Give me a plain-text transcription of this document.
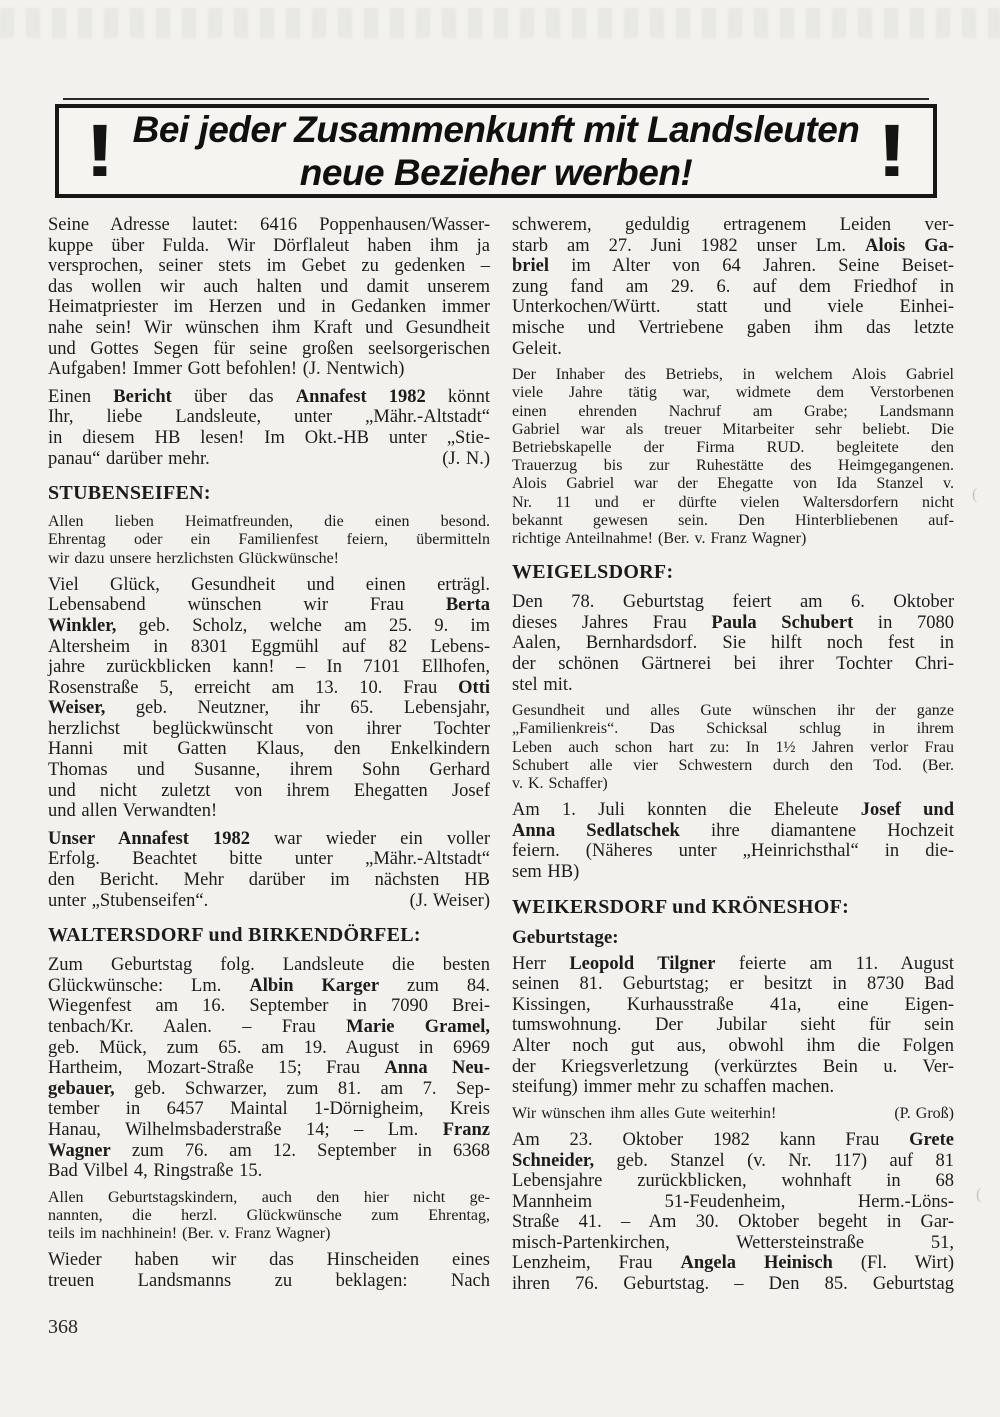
! Bei jeder Zusammenkunft mit Landsleuten
neue Bezieher werben!	!
Seine Adresse lautet: 6416 Poppenhausen/Wasser-
kuppe über Fulda. Wir Dörflaleut haben ihm ja
versprochen, seiner stets im Gebet zu gedenken –
das wollen wir auch halten und damit unserem
Heimatpriester im Herzen und in Gedanken immer
nahe sein! Wir wünschen ihm Kraft und Gesundheit
und Gottes Segen für seine großen seelsorgerischen
Aufgaben! Immer Gott befohlen! (J. Nentwich)
Einen Bericht über das Annafest 1982 könnt
Ihr, liebe Landsleute, unter „Mähr.-Altstadt“
in diesem HB lesen! Im Okt.-HB unter „Stie-
(J. N.)
panau“ darüber mehr.
STUBENSEIFEN:
Allen lieben Heimatfreunden, die einen besond.
Ehrentag oder ein Familienfest feiern, übermitteln
wir dazu unsere herzlichsten Glückwünsche!
Viel Glück, Gesundheit und einen erträgl.
Lebensabend wünschen wir Frau Berta
Winkler, geb. Scholz, welche am 25. 9. im
Altersheim in 8301 Eggmühl auf 82 Lebens-
jahre zurückblicken kann! – In 7101 Ellhofen,
Rosenstraße 5, erreicht am 13. 10. Frau Otti
Weiser, geb. Neutzner, ihr 65. Lebensjahr,
herzlichst beglückwünscht von ihrer Tochter
Hanni mit Gatten Klaus, den Enkelkindern
Thomas und Susanne, ihrem Sohn Gerhard
und nicht zuletzt von ihrem Ehegatten Josef
und allen Verwandten!
Unser Annafest 1982 war wieder ein voller
Erfolg. Beachtet bitte unter „Mähr.-Altstadt“
den Bericht. Mehr darüber im nächsten HB
(J. Weiser)
unter „Stubenseifen“.
WALTERSDORF und BIRKENDÖRFEL:
Zum Geburtstag folg. Landsleute die besten
Glückwünsche: Lm. Albin Karger zum 84.
Wiegenfest am 16. September in 7090 Brei-
tenbach/Kr. Aalen. – Frau Marie Gramel,
geb. Mück, zum 65. am 19. August in 6969
Hartheim, Mozart-Straße 15; Frau Anna Neu-
gebauer, geb. Schwarzer, zum 81. am 7. Sep-
tember in 6457 Maintal 1-Dörnigheim, Kreis
Hanau, Wilhelmsbaderstraße 14; – Lm. Franz
Wagner zum 76. am 12. September in 6368
Bad Vilbel 4, Ringstraße 15.
Allen Geburtstagskindern, auch den hier nicht ge-
nannten, die herzl. Glückwünsche zum Ehrentag,
teils im nachhinein! (Ber. v. Franz Wagner)
Wieder haben wir das Hinscheiden eines
treuen Landsmanns zu beklagen: Nach
schwerem, geduldig ertragenem Leiden ver-
starb am 27. Juni 1982 unser Lm. Alois Ga-
briel im Alter von 64 Jahren. Seine Beiset-
zung fand am 29. 6. auf dem Friedhof in
Unterkochen/Württ. statt und viele Einhei-
mische und Vertriebene gaben ihm das letzte
Geleit.
Der Inhaber des Betriebs, in welchem Alois Gabriel
viele Jahre tätig war, widmete dem Verstorbenen
einen ehrenden Nachruf am Grabe; Landsmann
Gabriel war als treuer Mitarbeiter sehr beliebt. Die
Betriebskapelle der Firma RUD. begleitete den
Trauerzug bis zur Ruhestätte des Heimgegangenen.
Alois Gabriel war der Ehegatte von Ida Stanzel v.
Nr. 11 und er dürfte vielen Waltersdorfern nicht
bekannt gewesen sein. Den Hinterbliebenen auf-
richtige Anteilnahme! (Ber. v. Franz Wagner)
WEIGELSDORF:
Den 78. Geburtstag feiert am 6. Oktober
dieses Jahres Frau Paula Schubert in 7080
Aalen, Bernhardsdorf. Sie hilft noch fest in
der schönen Gärtnerei bei ihrer Tochter Chri-
stel mit.
Gesundheit und alles Gute wünschen ihr der ganze
„Familienkreis“. Das Schicksal schlug in ihrem
Leben auch schon hart zu: In 1½ Jahren verlor Frau
Schubert alle vier Schwestern durch den Tod. (Ber.
v. K. Schaffer)
Am 1. Juli konnten die Eheleute Josef und
Anna Sedlatschek ihre diamantene Hochzeit
feiern. (Näheres unter „Heinrichsthal“ in die-
sem HB)
WEIKERSDORF und KRÖNESHOF:
Geburtstage:
Herr Leopold Tilgner feierte am 11. August
seinen 81. Geburtstag; er besitzt in 8730 Bad
Kissingen, Kurhausstraße 41a, eine Eigen-
tumswohnung. Der Jubilar sieht für sein
Alter noch gut aus, obwohl ihm die Folgen
der Kriegsverletzung (verkürztes Bein u. Ver-
steifung) immer mehr zu schaffen machen.
(P. Groß)
Wir wünschen ihm alles Gute weiterhin!
Am 23. Oktober 1982 kann Frau Grete
Schneider, geb. Stanzel (v. Nr. 117) auf 81
Lebensjahre zurückblicken, wohnhaft in 68
Mannheim 51-Feudenheim, Herm.-Löns-
Straße 41. – Am 30. Oktober begeht in Gar-
misch-Partenkirchen, Wettersteinstraße 51,
Lenzheim, Frau Angela Heinisch (Fl. Wirt)
ihren 76. Geburtstag. – Den 85. Geburtstag
368
(
(
